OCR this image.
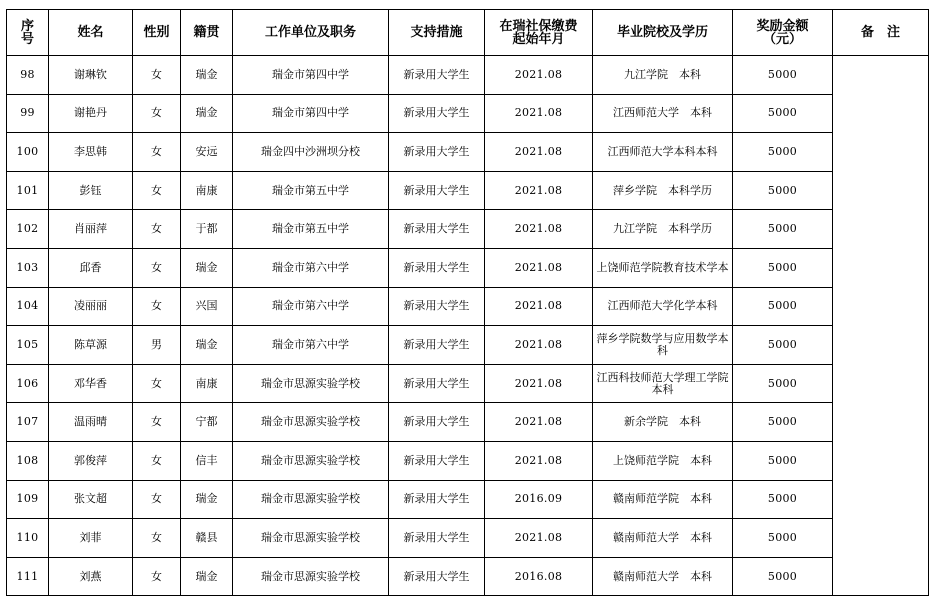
序号	姓名	性别	籍贯	工作单位及职务	支持措施	在瑞社保缴费起始年月	毕业院校及学历	奖励金额（元）	备　注
98	谢琳钦	女	瑞金	瑞金市第四中学	新录用大学生	2021.08	九江学院　本科	5000	
99	谢艳丹	女	瑞金	瑞金市第四中学	新录用大学生	2021.08	江西师范大学　本科	5000	
100	李思韩	女	安远	瑞金四中沙洲坝分校	新录用大学生	2021.08	江西师范大学本科本科	5000	
101	彭钰	女	南康	瑞金市第五中学	新录用大学生	2021.08	萍乡学院　本科学历	5000	
102	肖丽萍	女	于都	瑞金市第五中学	新录用大学生	2021.08	九江学院　本科学历	5000	
103	邱香	女	瑞金	瑞金市第六中学	新录用大学生	2021.08	上饶师范学院教育技术学本	5000	
104	凌丽丽	女	兴国	瑞金市第六中学	新录用大学生	2021.08	江西师范大学化学本科	5000	
105	陈草源	男	瑞金	瑞金市第六中学	新录用大学生	2021.08	萍乡学院数学与应用数学本科	5000	
106	邓华香	女	南康	瑞金市思源实验学校	新录用大学生	2021.08	江西科技师范大学理工学院　本科	5000	
107	温雨晴	女	宁都	瑞金市思源实验学校	新录用大学生	2021.08	新余学院　本科	5000	
108	郭俊萍	女	信丰	瑞金市思源实验学校	新录用大学生	2021.08	上饶师范学院　本科	5000	
109	张文超	女	瑞金	瑞金市思源实验学校	新录用大学生	2016.09	赣南师范学院　本科	5000	
110	刘菲	女	赣县	瑞金市思源实验学校	新录用大学生	2021.08	赣南师范大学　本科	5000	
111	刘燕	女	瑞金	瑞金市思源实验学校	新录用大学生	2016.08	赣南师范大学　本科	5000	
